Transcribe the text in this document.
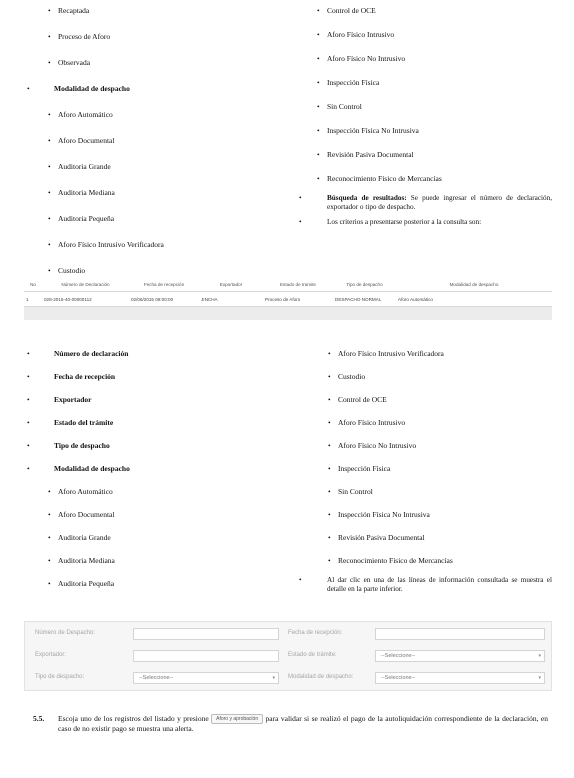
• Recaptada
• Proceso de Aforo
• Observada
• Modalidad de despacho
• Aforo Automático
• Aforo Documental
• Auditoria Grande
• Auditoria Mediana
• Auditoria Pequeña
• Aforo Físico Intrusivo Verificadora
• Custodio
• Control de OCE
• Aforo Físico Intrusivo
• Aforo Físico No Intrusivo
• Inspección Física
• Sin Control
• Inspección Física No Intrusiva
• Revisión Pasiva Documental
• Reconocimiento Físico de Mercancías
• Búsqueda de resultados: Se puede ingresar el número de declaración, exportador o tipo de despacho.
• Los criterios a presentarse posterior a la consulta son:
No	Número de Declaración	Fecha de recepción	Exportador	Estado de tramite	Tipo de despacho	Modalidad de despacho
1	028-2015-40-00000112	02/06/2015 08:00:00	JINCHA	Proceso de Aforo	DESPACHO NORMAL	Aforo Automático

• Número de declaración
• Fecha de recepción
• Exportador
• Estado del trámite
• Tipo de despacho
• Modalidad de despacho
• Aforo Automático
• Aforo Documental
• Auditoria Grande
• Auditoria Mediana
• Auditoria Pequeña
• Aforo Físico Intrusivo Verificadora
• Custodio
• Control de OCE
• Aforo Físico Intrusivo
• Aforo Físico No Intrusivo
• Inspección Física
• Sin Control
• Inspección Física No Intrusiva
• Revisión Pasiva Documental
• Reconocimiento Físico de Mercancías
• Al dar clic en una de las líneas de información consultada se muestra el detalle en la parte inferior.
Número de Despacho:	Fecha de recepción:
Exportador:	Estado de trámite:	--Seleccione--	▾
Tipo de despacho:	--Seleccione--	▾ Modalidad de despacho:	--Seleccione--	▾
5.5. Escoja uno de los registros del listado y presione Aforo y aprobación para validar si se realizó el pago de la autoliquidación correspondiente de la declaración, en caso de no existir pago se muestra una alerta.
